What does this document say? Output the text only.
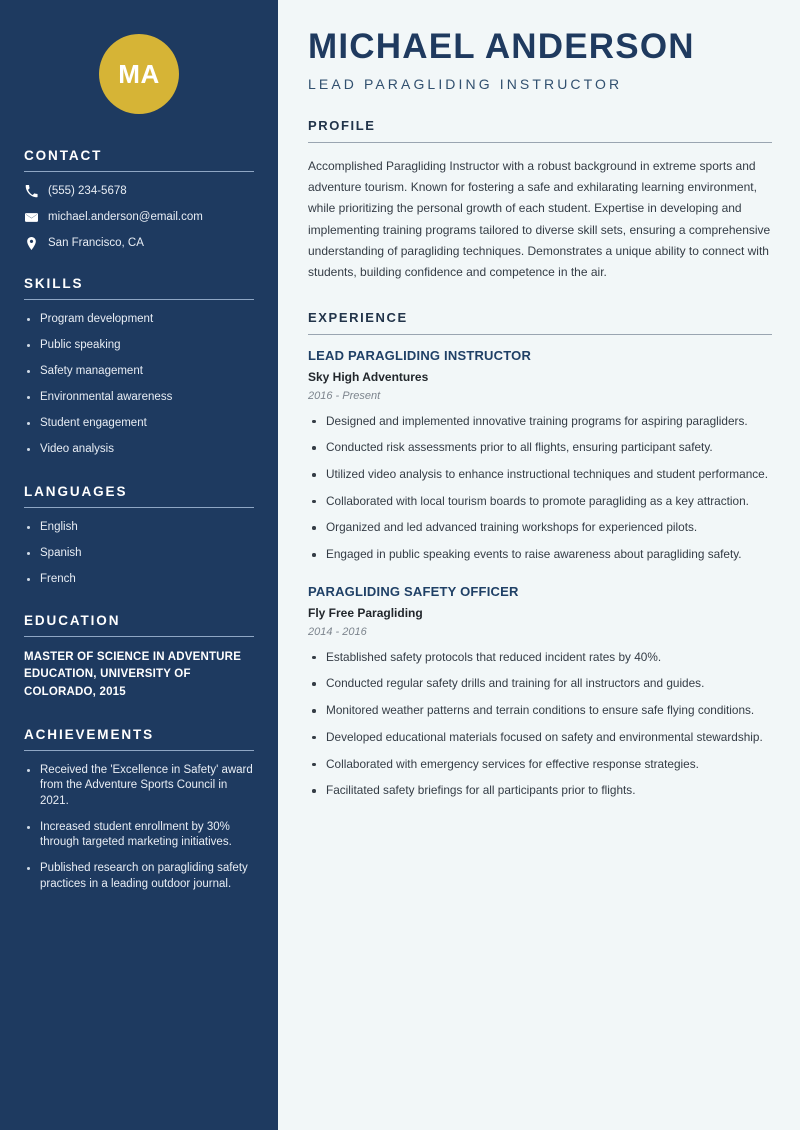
MA
CONTACT
(555) 234-5678
michael.anderson@email.com
San Francisco, CA
SKILLS
Program development
Public speaking
Safety management
Environmental awareness
Student engagement
Video analysis
LANGUAGES
English
Spanish
French
EDUCATION
MASTER OF SCIENCE IN ADVENTURE EDUCATION, UNIVERSITY OF COLORADO, 2015
ACHIEVEMENTS
Received the 'Excellence in Safety' award from the Adventure Sports Council in 2021.
Increased student enrollment by 30% through targeted marketing initiatives.
Published research on paragliding safety practices in a leading outdoor journal.
MICHAEL ANDERSON
LEAD PARAGLIDING INSTRUCTOR
PROFILE

Accomplished Paragliding Instructor with a robust background in extreme sports and adventure tourism. Known for fostering a safe and exhilarating learning environment, while prioritizing the personal growth of each student. Expertise in developing and implementing training programs tailored to diverse skill sets, ensuring a comprehensive understanding of paragliding techniques. Demonstrates a unique ability to connect with students, building confidence and competence in the air.

EXPERIENCE
LEAD PARAGLIDING INSTRUCTOR
Sky High Adventures
2016 - Present
Designed and implemented innovative training programs for aspiring paragliders.
Conducted risk assessments prior to all flights, ensuring participant safety.
Utilized video analysis to enhance instructional techniques and student performance.
Collaborated with local tourism boards to promote paragliding as a key attraction.
Organized and led advanced training workshops for experienced pilots.
Engaged in public speaking events to raise awareness about paragliding safety.
PARAGLIDING SAFETY OFFICER
Fly Free Paragliding
2014 - 2016
Established safety protocols that reduced incident rates by 40%.
Conducted regular safety drills and training for all instructors and guides.
Monitored weather patterns and terrain conditions to ensure safe flying conditions.
Developed educational materials focused on safety and environmental stewardship.
Collaborated with emergency services for effective response strategies.
Facilitated safety briefings for all participants prior to flights.
